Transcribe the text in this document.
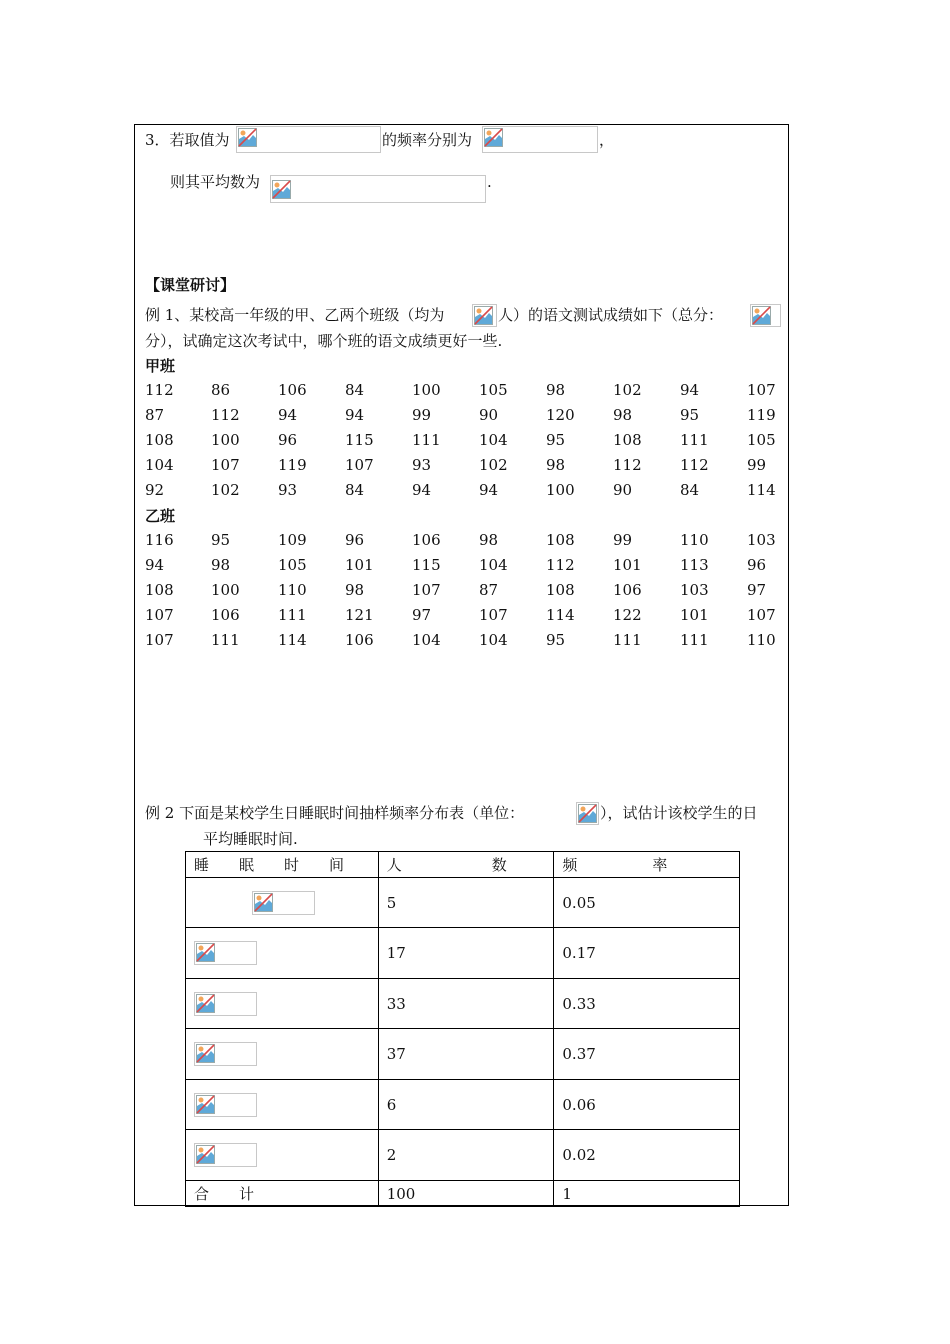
3．若取值为	的频率分别为	，
则其平均数为	.
【课堂研讨】
例 1、某校高一年级的甲、乙两个班级（均为	人）的语文测试成绩如下（总分：
分），试确定这次考试中，哪个班的语文成绩更好一些.
甲班
112	86	106	84	100	105	98	102	94	107
87	112	94	94	99	90	120	98	95	119
108	100	96	115	111	104	95	108	111	105
104	107	119	107	93	102	98	112	112	99
92	102	93	84	94	94	100	90	84	114
乙班
116	95	109	96	106	98	108	99	110	103
94	98	105	101	115	104	112	101	113	96
108	100	110	98	107	87	108	106	103	97
107	106	111	121	97	107	114	122	101	107
107	111	114	106	104	104	95	111	111	110
例 2 下面是某校学生日睡眠时间抽样频率分布表（单位：	），试估计该校学生的日
平均睡眠时间.
睡　　眠　　时　　间	人　　　　　　数	频　　　　　率

	5	0.05

	17	0.17

	33	0.33

	37	0.37

	6	0.06

	2	0.02
合　　计	100	1
